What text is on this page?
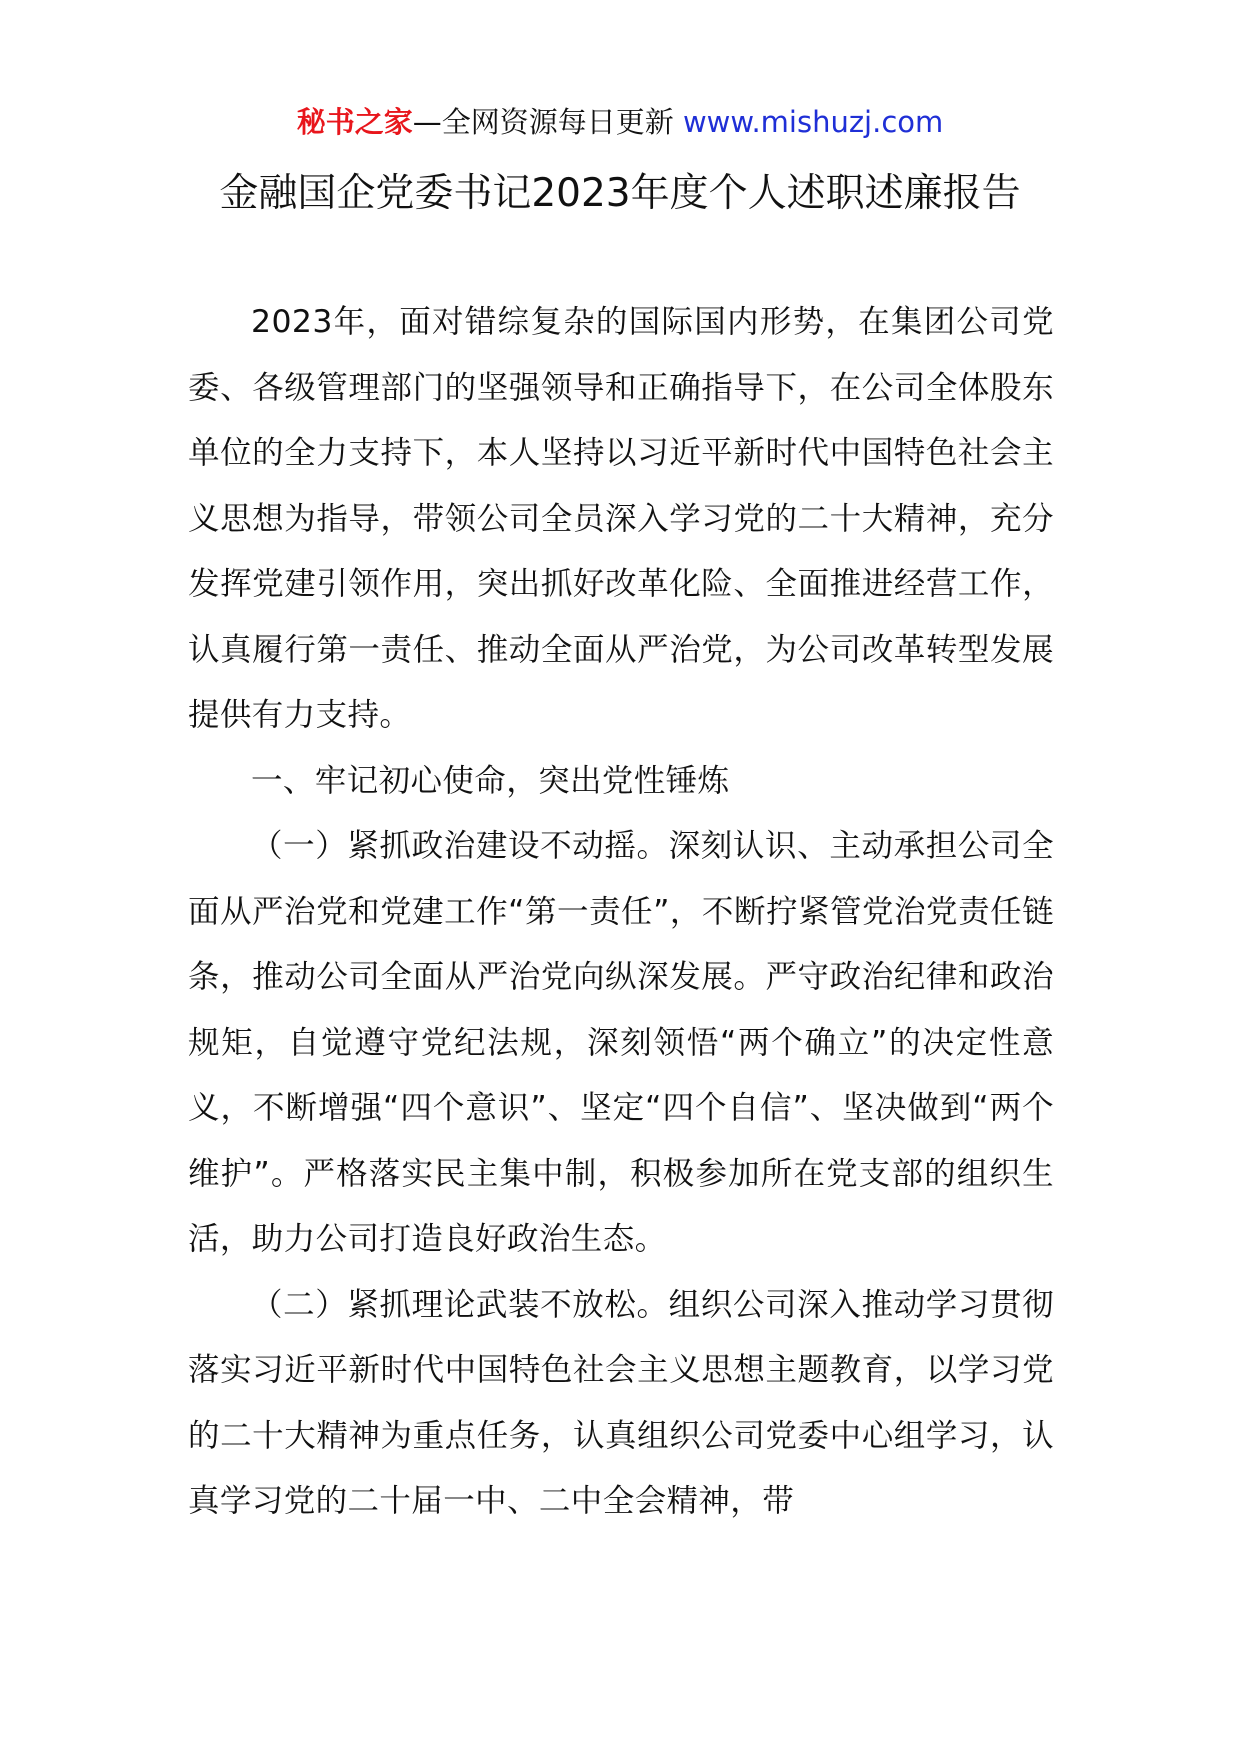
秘书之家—全网资源每日更新 www.mishuzj.com
金融国企党委书记2023年度个人述职述廉报告

2023年，面对错综复杂的国际国内形势，在集团公司党委、各级管理部门的坚强领导和正确指导下，在公司全体股东单位的全力支持下，本人坚持以习近平新时代中国特色社会主义思想为指导，带领公司全员深入学习党的二十大精神，充分发挥党建引领作用，突出抓好改革化险、全面推进经营工作，认真履行第一责任、推动全面从严治党，为公司改革转型发展提供有力支持。

一、牢记初心使命，突出党性锤炼

（一）紧抓政治建设不动摇。深刻认识、主动承担公司全面从严治党和党建工作“第一责任”，不断拧紧管党治党责任链条，推动公司全面从严治党向纵深发展。严守政治纪律和政治规矩，自觉遵守党纪法规，深刻领悟“两个确立”的决定性意义，不断增强“四个意识”、坚定“四个自信”、坚决做到“两个维护”。严格落实民主集中制，积极参加所在党支部的组织生活，助力公司打造良好政治生态。

（二）紧抓理论武装不放松。组织公司深入推动学习贯彻落实习近平新时代中国特色社会主义思想主题教育，以学习党的二十大精神为重点任务，认真组织公司党委中心组学习，认真学习党的二十届一中、二中全会精神，带
